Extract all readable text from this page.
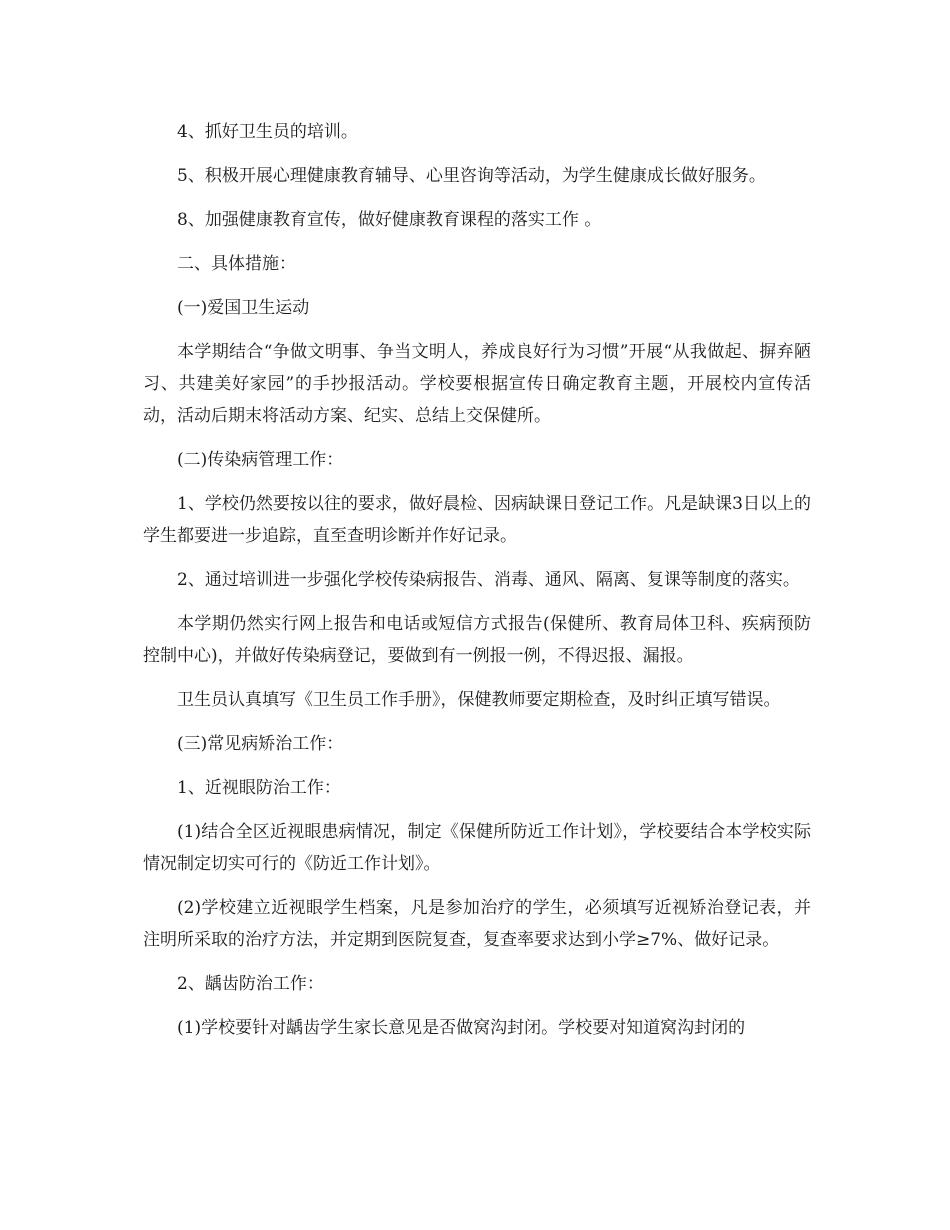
4、抓好卫生员的培训。

5、积极开展心理健康教育辅导、心里咨询等活动，为学生健康成长做好服务。

8、加强健康教育宣传，做好健康教育课程的落实工作 。

二、具体措施：

(一)爱国卫生运动

本学期结合“争做文明事、争当文明人，养成良好行为习惯”开展“从我做起、摒弃陋习、共建美好家园”的手抄报活动。学校要根据宣传日确定教育主题，开展校内宣传活动，活动后期末将活动方案、纪实、总结上交保健所。

(二)传染病管理工作：

1、学校仍然要按以往的要求，做好晨检、因病缺课日登记工作。凡是缺课3日以上的学生都要进一步追踪，直至查明诊断并作好记录。

2、通过培训进一步强化学校传染病报告、消毒、通风、隔离、复课等制度的落实。

本学期仍然实行网上报告和电话或短信方式报告(保健所、教育局体卫科、疾病预防控制中心)，并做好传染病登记，要做到有一例报一例，不得迟报、漏报。

卫生员认真填写《卫生员工作手册》，保健教师要定期检查，及时纠正填写错误。

(三)常见病矫治工作：

1、近视眼防治工作：

(1)结合全区近视眼患病情况，制定《保健所防近工作计划》，学校要结合本学校实际情况制定切实可行的《防近工作计划》。

(2)学校建立近视眼学生档案，凡是参加治疗的学生，必须填写近视矫治登记表，并注明所采取的治疗方法，并定期到医院复查，复查率要求达到小学≥7%、做好记录。

2、龋齿防治工作：

(1)学校要针对龋齿学生家长意见是否做窝沟封闭。学校要对知道窝沟封闭的
